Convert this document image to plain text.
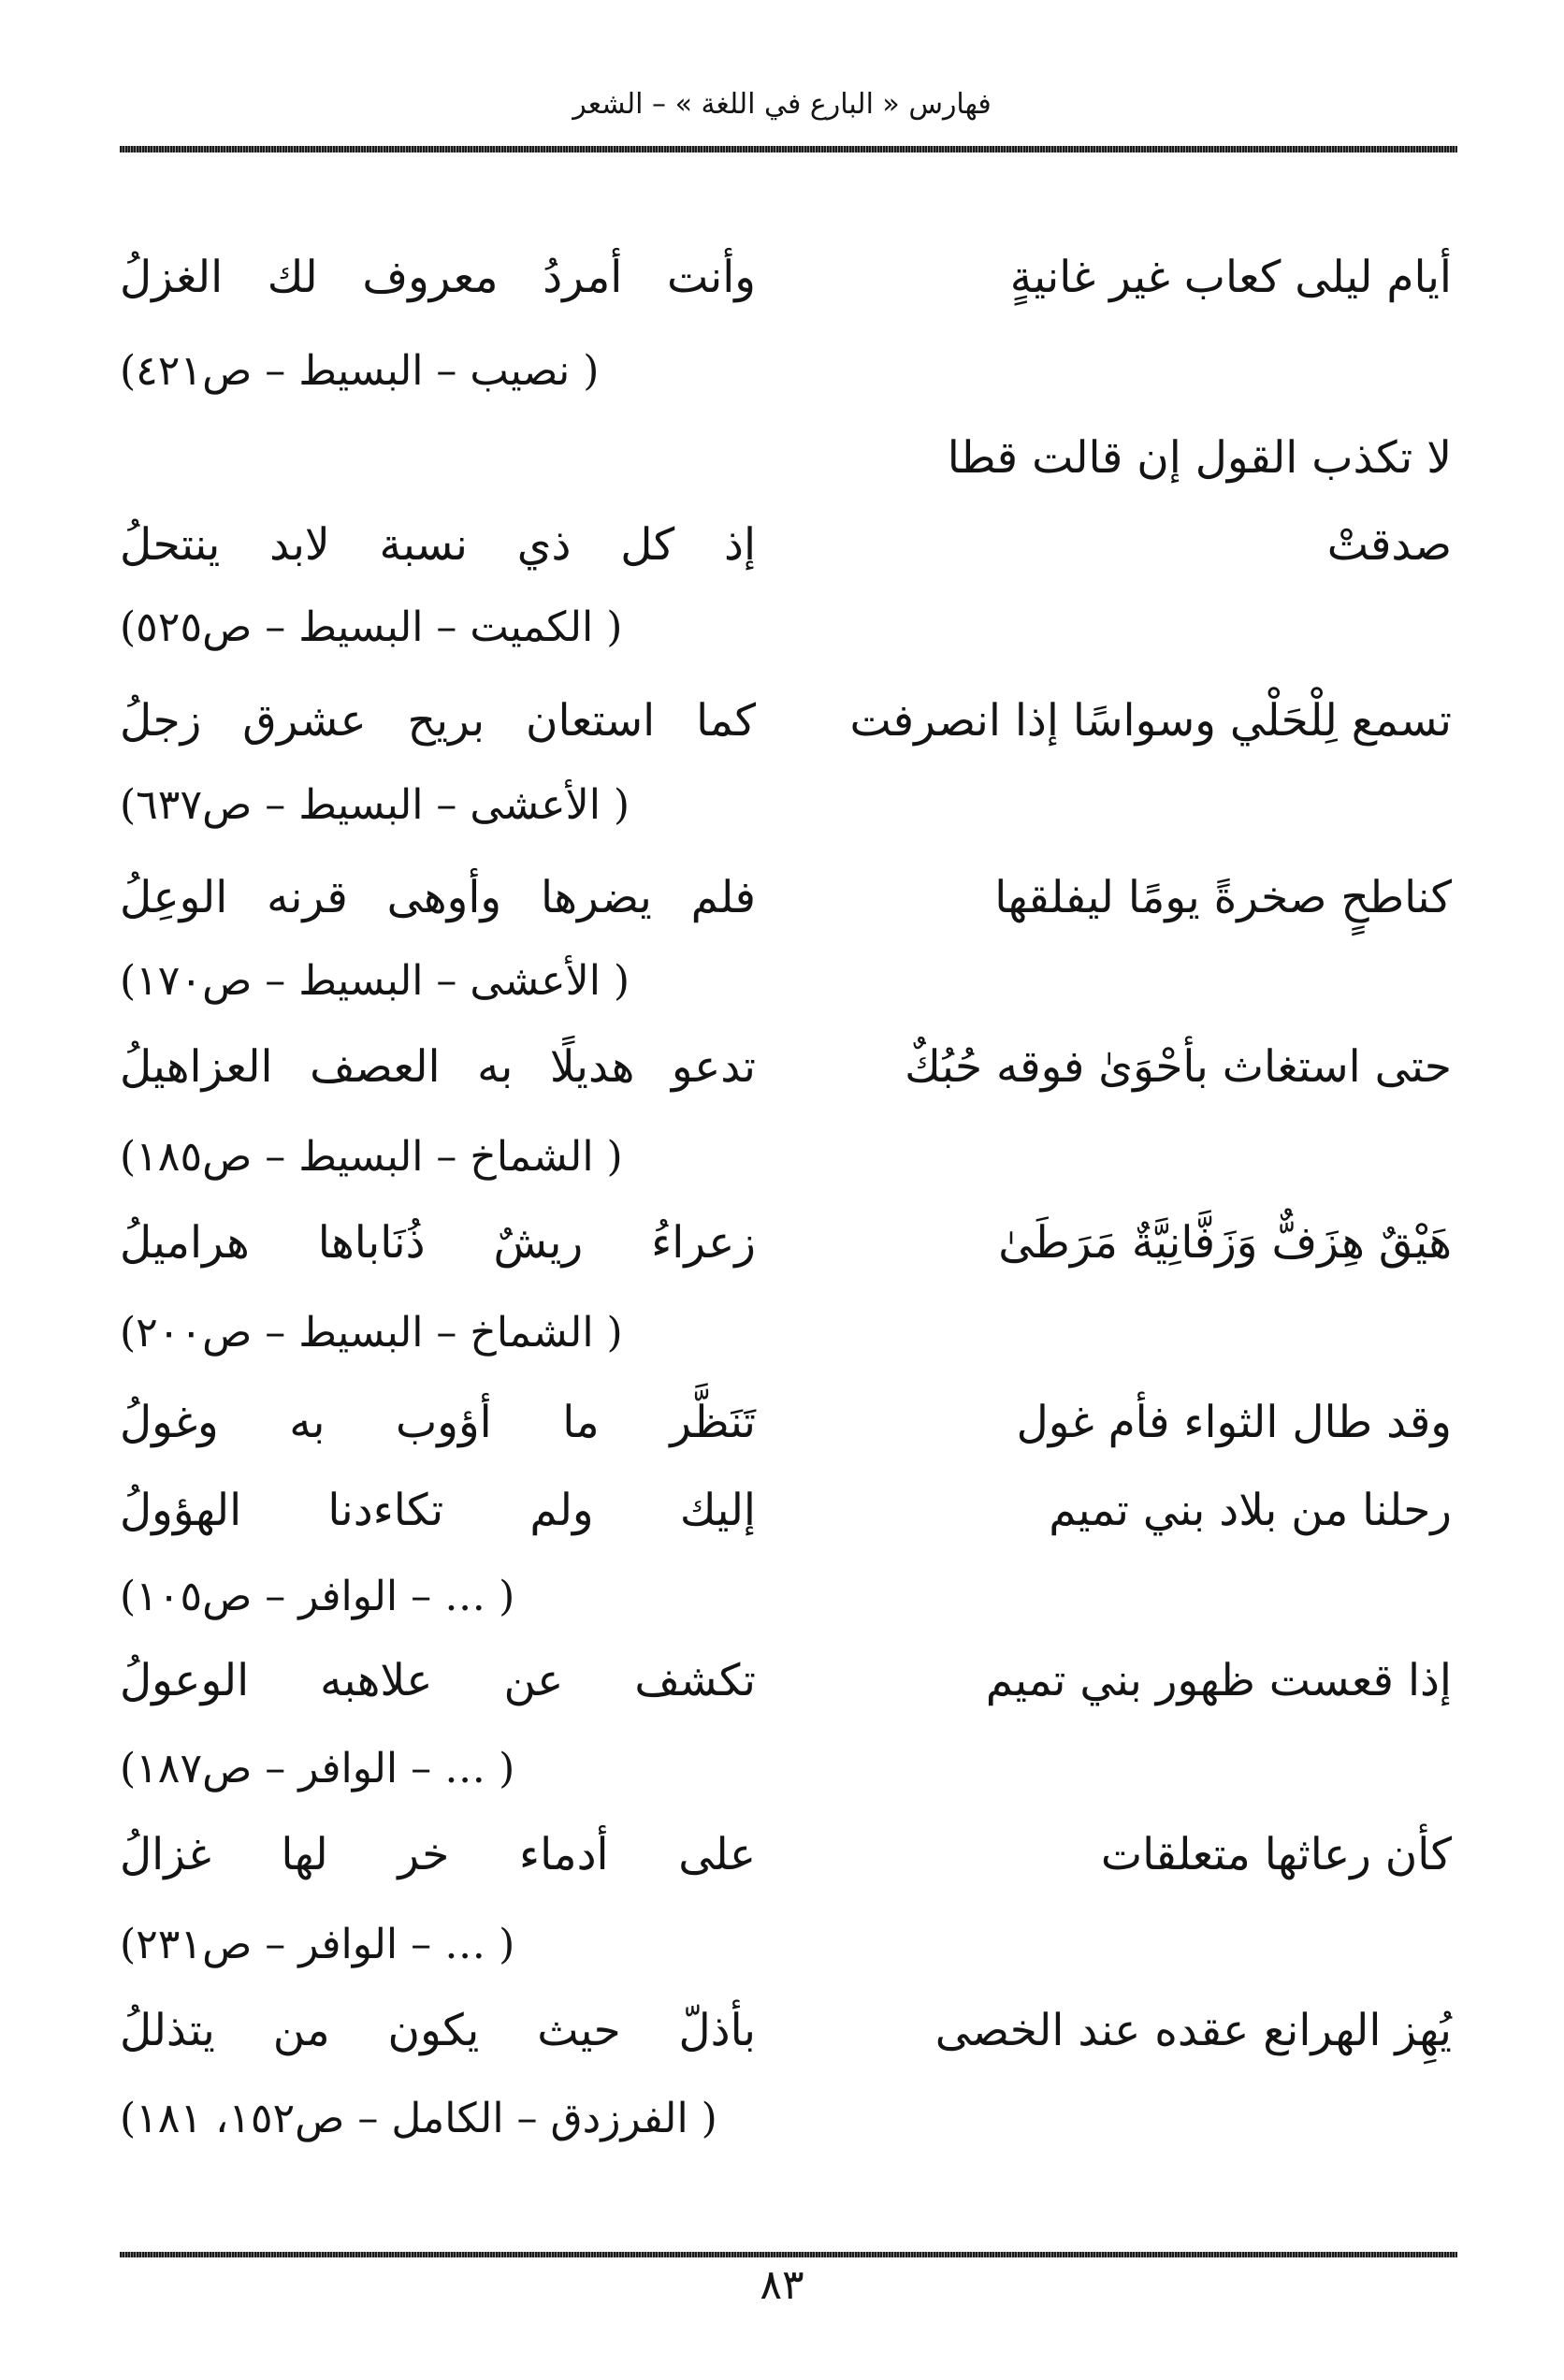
فهارس « البارع في اللغة » – الشعر
أيام ليلى كعاب غير غانيةٍ
وأنت أمردُ معروف لك الغزلُ
( نصيب – البسيط – ص٤٢١)
لا تكذب القول إن قالت قطا
صدقتْ
إذ كل ذي نسبة لابد ينتحلُ
( الكميت – البسيط – ص٥٢٥)
تسمع لِلْحَلْي وسواسًا إذا انصرفت
كما استعان بريح عشرق زجلُ
( الأعشى – البسيط – ص٦٣٧)
كناطحٍ صخرةً يومًا ليفلقها
فلم يضرها وأوهى قرنه الوعِلُ
( الأعشى – البسيط – ص١٧٠)
حتى استغاث بأحْوَىٰ فوقه حُبُكٌ
تدعو هديلًا به العصف العزاهيلُ
( الشماخ – البسيط – ص١٨٥)
هَيْقٌ هِزَفٌّ وَزَفَّانِيَّةٌ مَرَطَىٰ
زعراءُ ريشٌ ذُنَاباها هراميلُ
( الشماخ – البسيط – ص٢٠٠)
وقد طال الثواء فأم غول
تَنَظَّر ما أؤوب به وغولُ
رحلنا من بلاد بني تميم
إليك ولم تكاءدنا الهؤولُ
( … – الوافر – ص١٠٥)
إذا قعست ظهور بني تميم
تكشف عن علاهبه الوعولُ
( … – الوافر – ص١٨٧)
كأن رعاثها متعلقات
على أدماء خر لها غزالُ
( … – الوافر – ص٢٣١)
يُهِز الهرانع عقده عند الخصى
بأذلّ حيث يكون من يتذللُ
( الفرزدق – الكامل – ص١٥٢، ١٨١)
٨٣
